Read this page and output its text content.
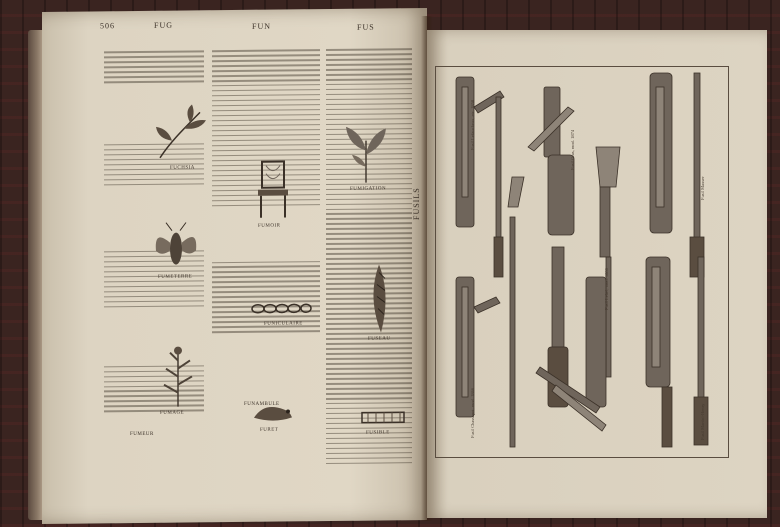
506	FUG	FUN	FUS
FUCHSIA
FUMOIR
FUMETERRE
FUNICULAIRE
FUMAGE
FURET
FUMIGATION
FUSEAU
FUSIBLE
FUSILS
Fusil Lefaucheux, etc. 1858
Fusil Chassepot, mod. 1866
Fusil Gras, mod. 1874
Fusil Lebel, mod. 1886
Fusil Mauser
Fusil Martini-Henry
FUNAMBULE
FUMEUR
